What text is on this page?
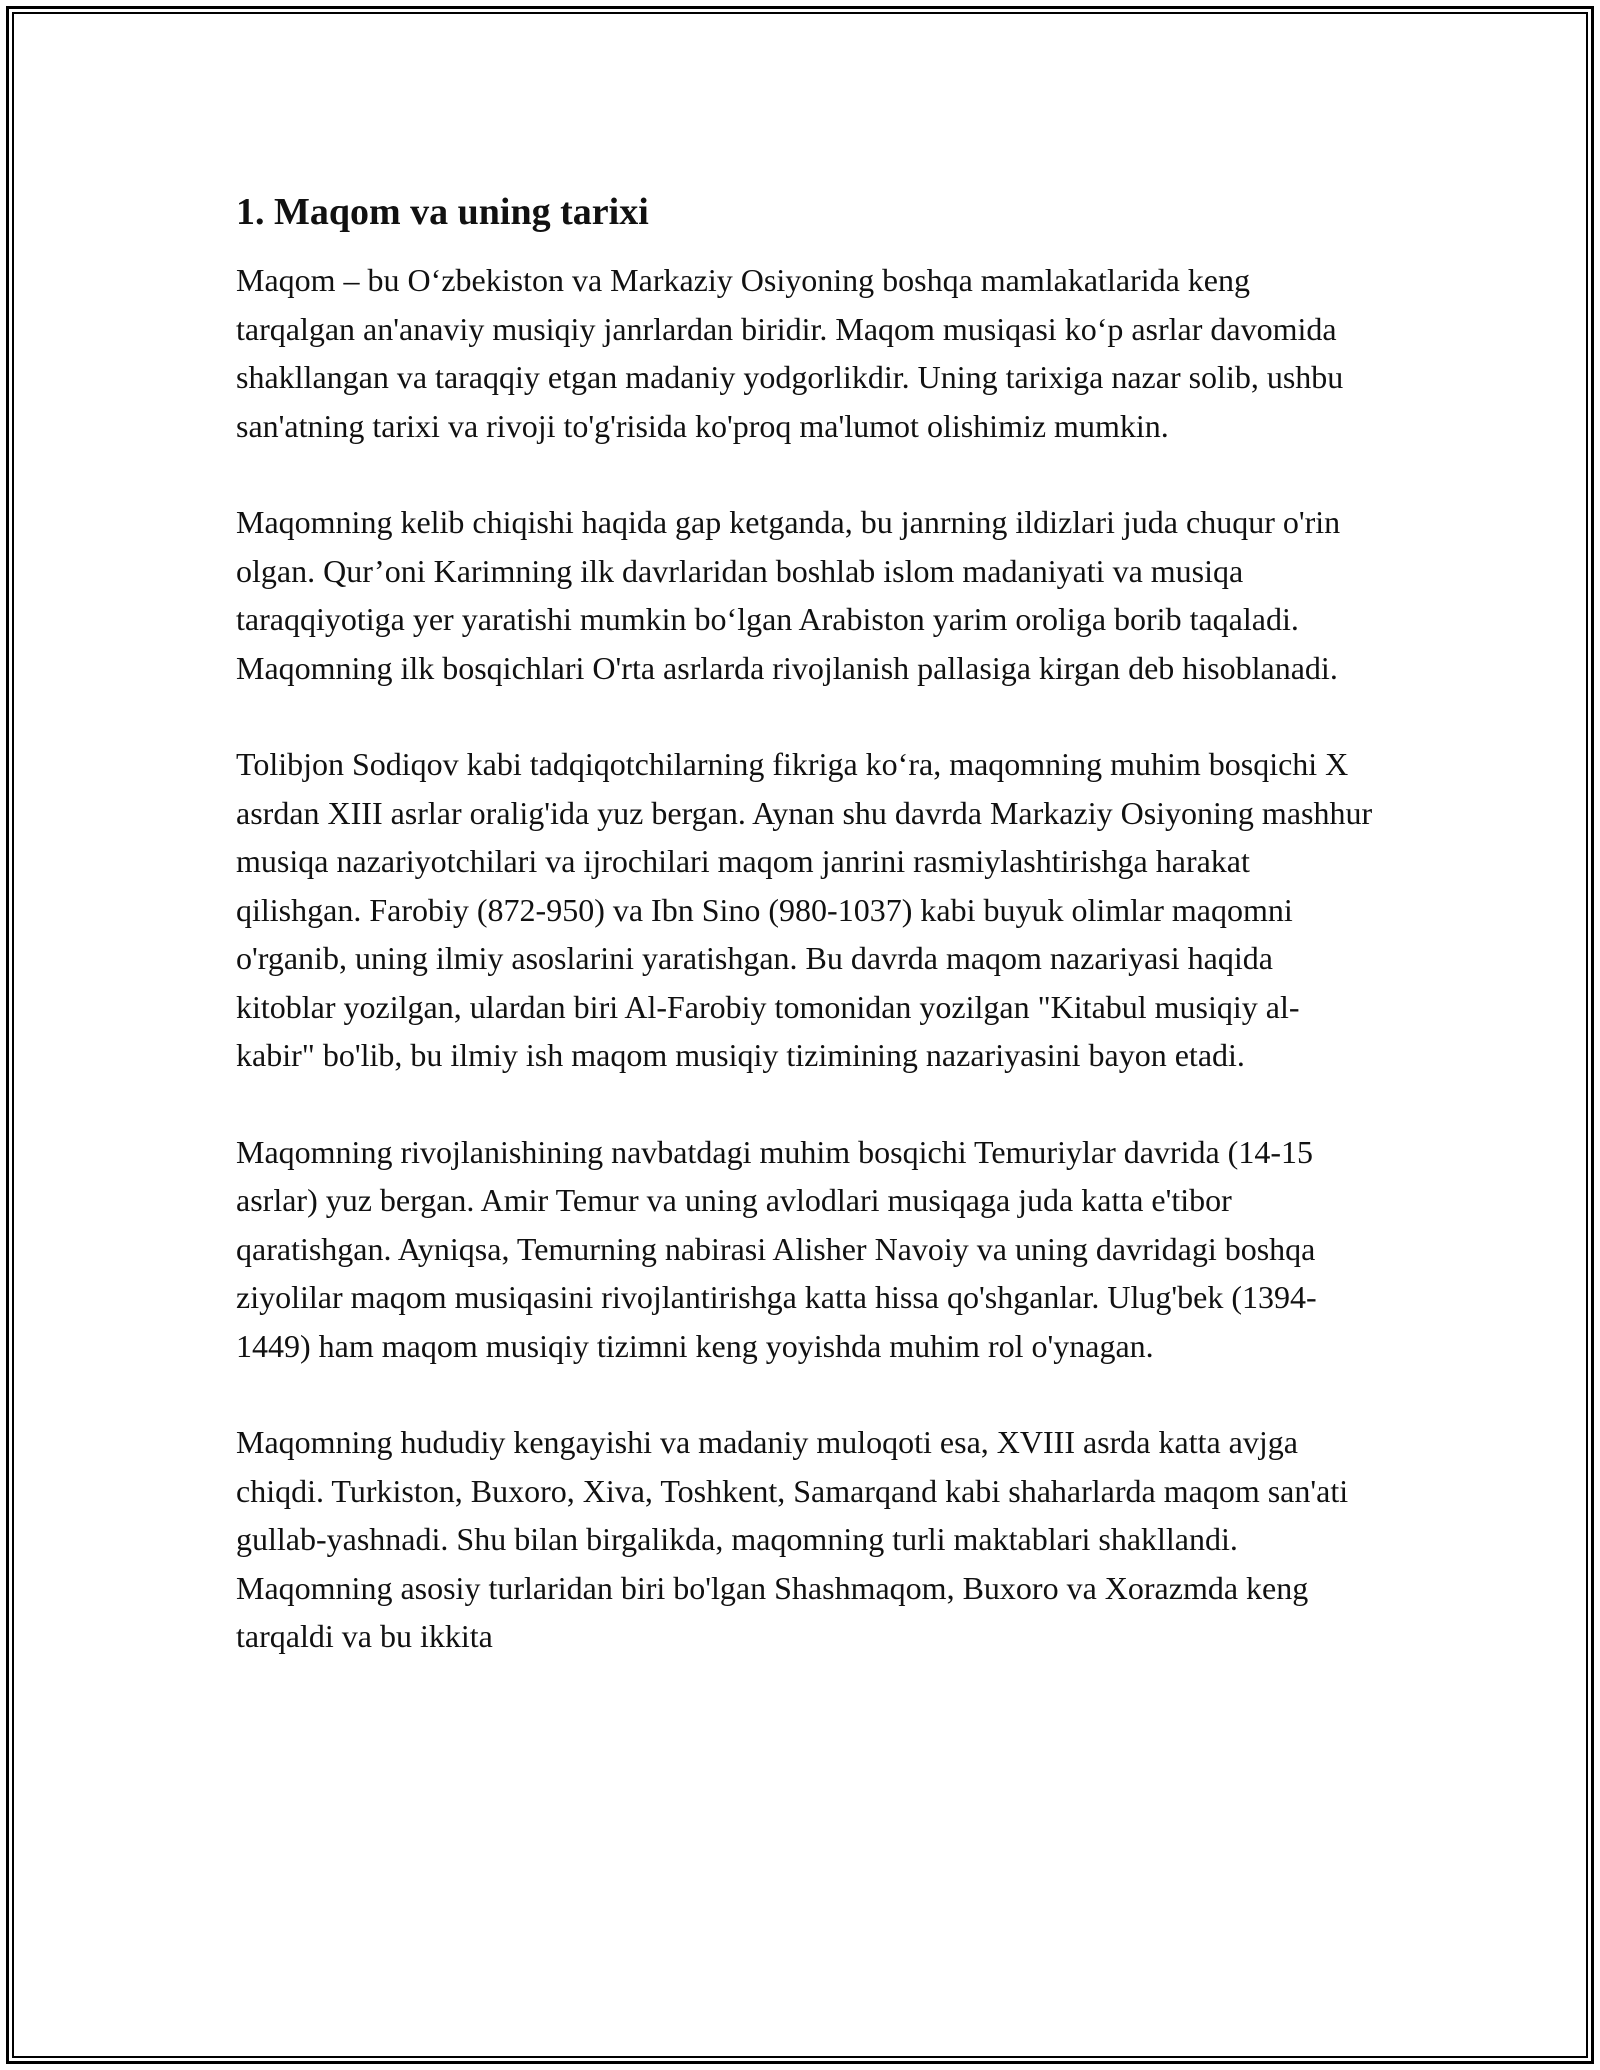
1. Maqom va uning tarixi

Maqom – bu O‘zbekiston va Markaziy Osiyoning boshqa mamlakatlarida keng tarqalgan an'anaviy musiqiy janrlardan biridir. Maqom musiqasi ko‘p asrlar davomida shakllangan va taraqqiy etgan madaniy yodgorlikdir. Uning tarixiga nazar solib, ushbu san'atning tarixi va rivoji to'g'risida ko'proq ma'lumot olishimiz mumkin.

Maqomning kelib chiqishi haqida gap ketganda, bu janrning ildizlari juda chuqur o'rin olgan. Qur’oni Karimning ilk davrlaridan boshlab islom madaniyati va musiqa taraqqiyotiga yer yaratishi mumkin bo‘lgan Arabiston yarim oroliga borib taqaladi. Maqomning ilk bosqichlari O'rta asrlarda rivojlanish pallasiga kirgan deb hisoblanadi.

Tolibjon Sodiqov kabi tadqiqotchilarning fikriga ko‘ra, maqomning muhim bosqichi X asrdan XIII asrlar oralig'ida yuz bergan. Aynan shu davrda Markaziy Osiyoning mashhur musiqa nazariyotchilari va ijrochilari maqom janrini rasmiylashtirishga harakat qilishgan. Farobiy (872-950) va Ibn Sino (980-1037) kabi buyuk olimlar maqomni o'rganib, uning ilmiy asoslarini yaratishgan. Bu davrda maqom nazariyasi haqida kitoblar yozilgan, ulardan biri Al-Farobiy tomonidan yozilgan "Kitabul musiqiy al-kabir" bo'lib, bu ilmiy ish maqom musiqiy tizimining nazariyasini bayon etadi.

Maqomning rivojlanishining navbatdagi muhim bosqichi Temuriylar davrida (14-15 asrlar) yuz bergan. Amir Temur va uning avlodlari musiqaga juda katta e'tibor qaratishgan. Ayniqsa, Temurning nabirasi Alisher Navoiy va uning davridagi boshqa ziyolilar maqom musiqasini rivojlantirishga katta hissa qo'shganlar. Ulug'bek (1394-1449) ham maqom musiqiy tizimni keng yoyishda muhim rol o'ynagan.

Maqomning hududiy kengayishi va madaniy muloqoti esa, XVIII asrda katta avjga chiqdi. Turkiston, Buxoro, Xiva, Toshkent, Samarqand kabi shaharlarda maqom san'ati gullab-yashnadi. Shu bilan birgalikda, maqomning turli maktablari shakllandi. Maqomning asosiy turlaridan biri bo'lgan Shashmaqom, Buxoro va Xorazmda keng tarqaldi va bu ikkita
